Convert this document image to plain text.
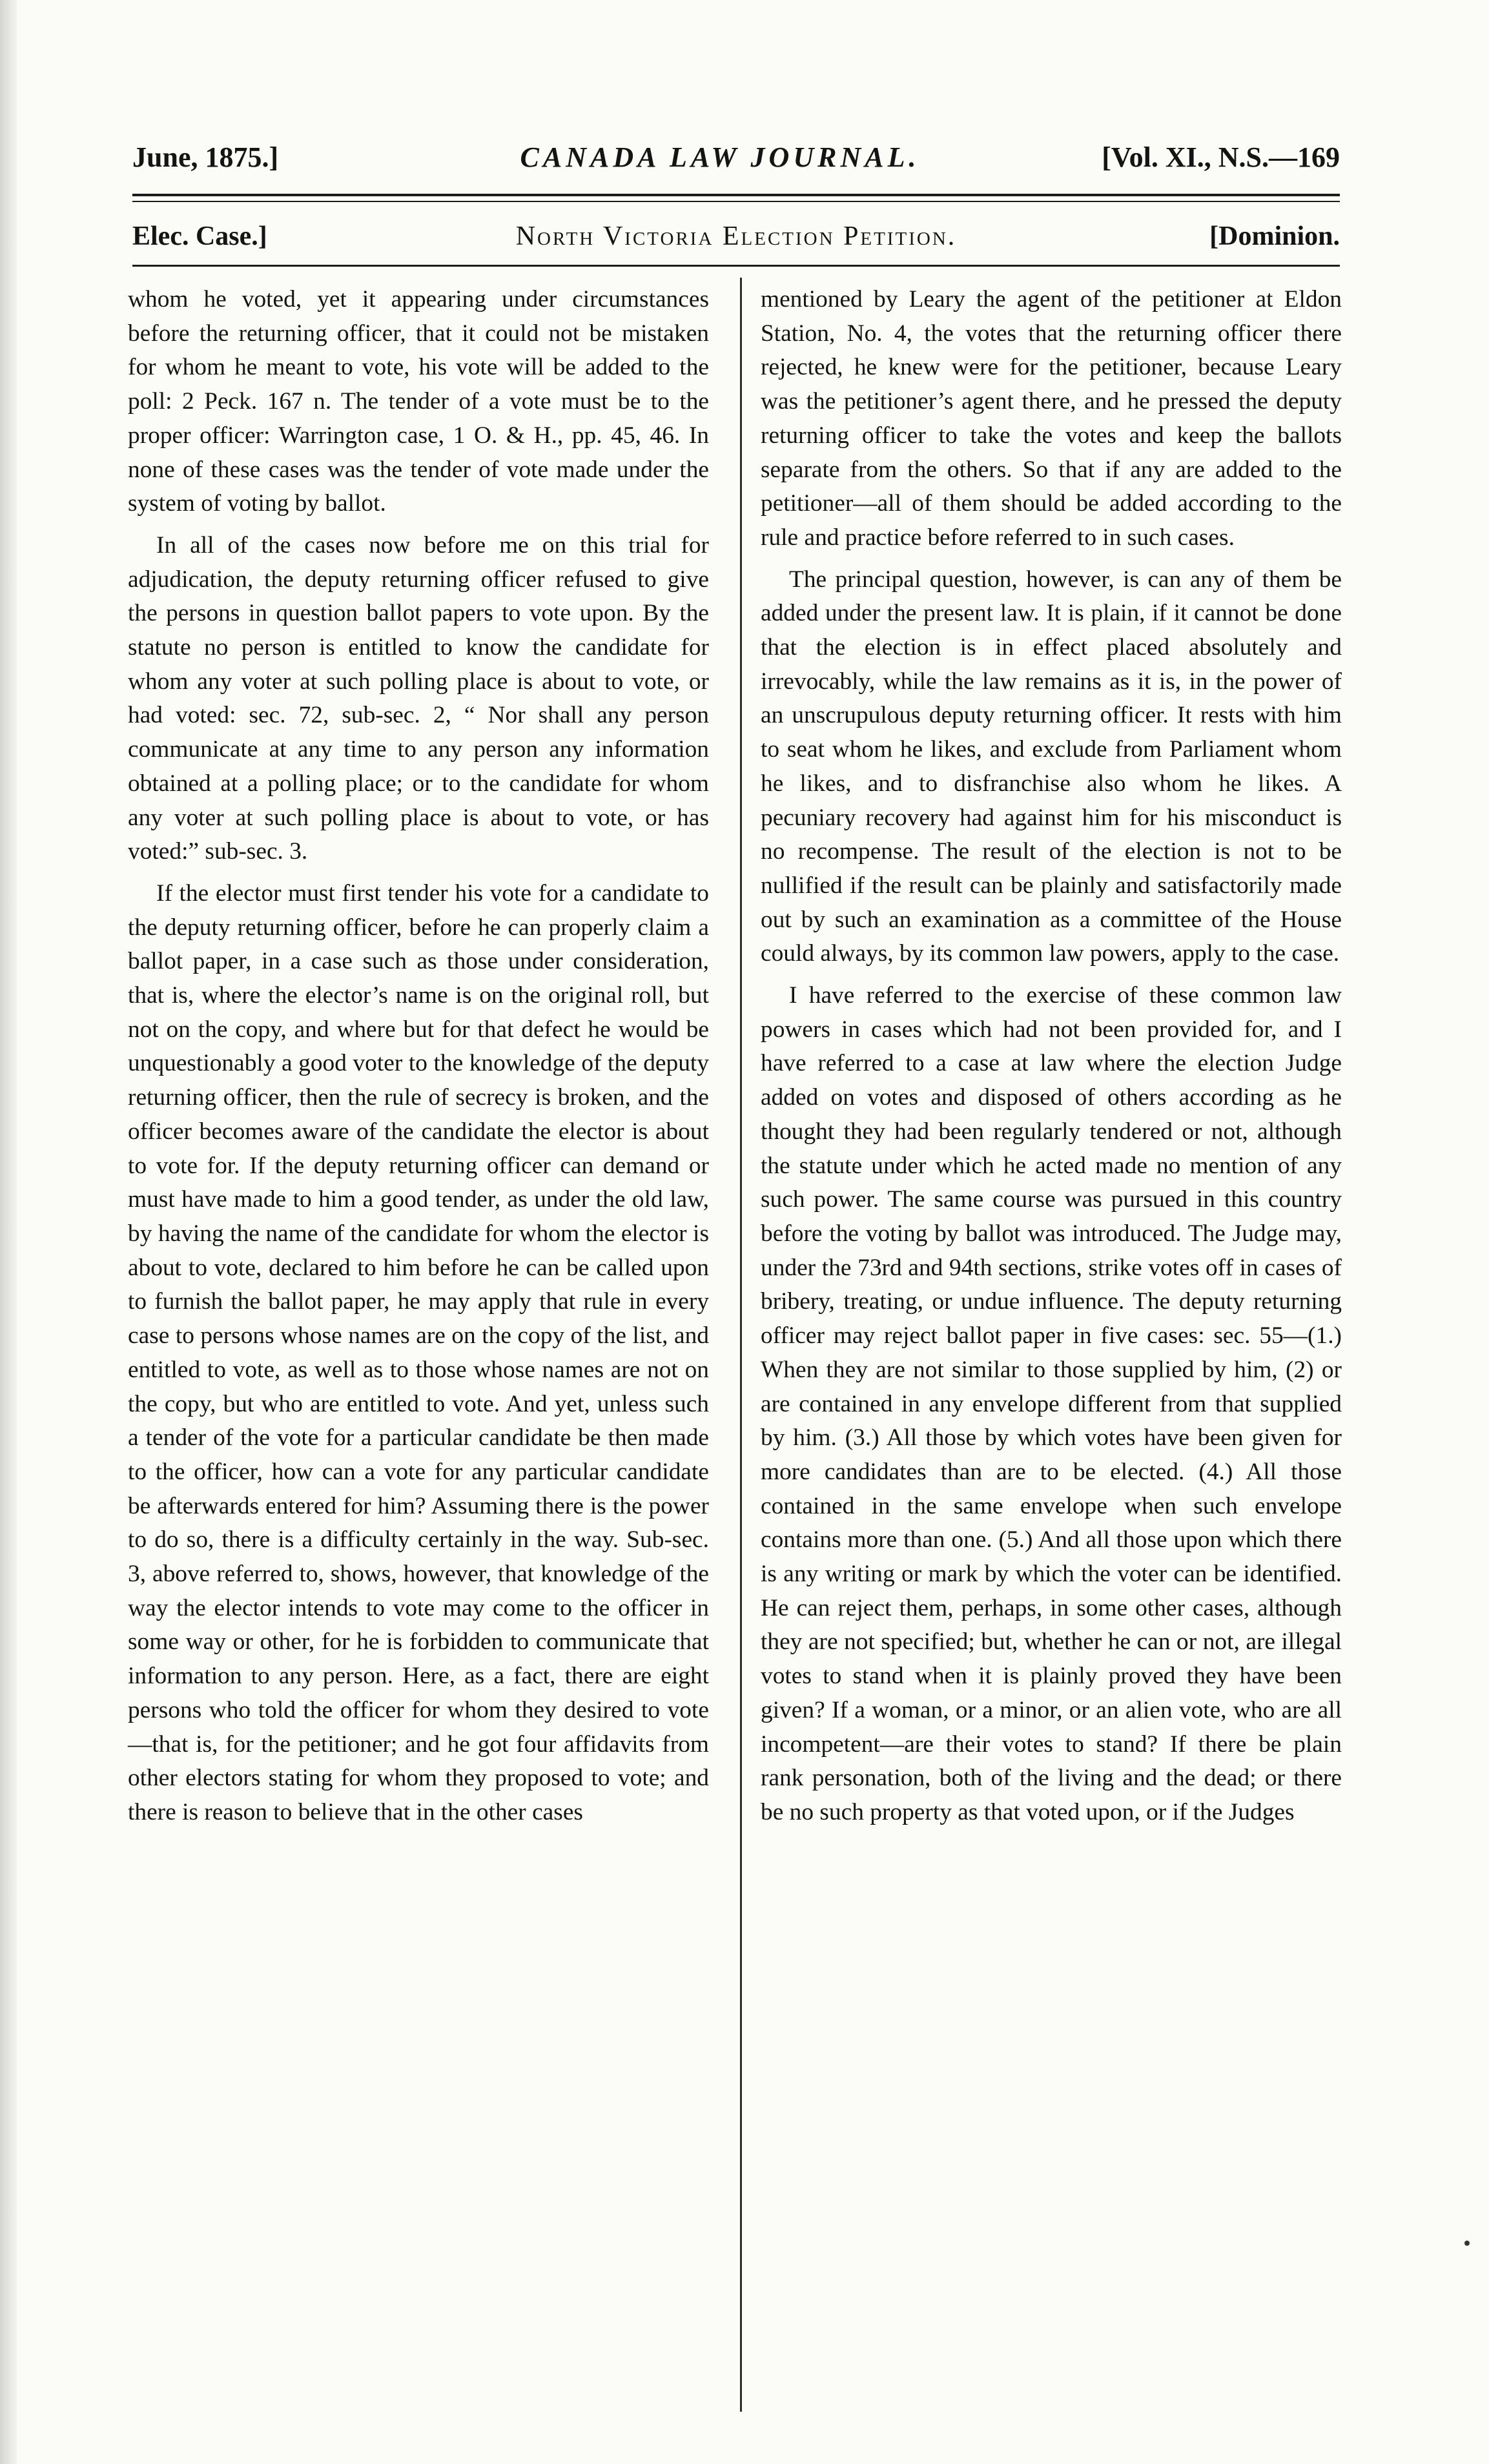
June, 1875.]	CANADA LAW JOURNAL.	[Vol. XI., N.S.—169
Elec. Case.]	North Victoria Election Petition.	[Dominion.

whom he voted, yet it appearing under circumstances before the returning officer, that it could not be mistaken for whom he meant to vote, his vote will be added to the poll: 2 Peck. 167 n. The tender of a vote must be to the proper officer: Warrington case, 1 O. & H., pp. 45, 46. In none of these cases was the tender of vote made under the system of voting by ballot.

In all of the cases now before me on this trial for adjudication, the deputy returning officer refused to give the persons in question ballot papers to vote upon. By the statute no person is entitled to know the candidate for whom any voter at such polling place is about to vote, or had voted: sec. 72, sub-sec. 2, “ Nor shall any person communicate at any time to any person any information obtained at a polling place; or to the candidate for whom any voter at such polling place is about to vote, or has voted:” sub-sec. 3.

If the elector must first tender his vote for a candidate to the deputy returning officer, before he can properly claim a ballot paper, in a case such as those under consideration, that is, where the elector’s name is on the original roll, but not on the copy, and where but for that defect he would be unquestionably a good voter to the knowledge of the deputy returning officer, then the rule of secrecy is broken, and the officer becomes aware of the candidate the elector is about to vote for. If the deputy returning officer can demand or must have made to him a good tender, as under the old law, by having the name of the candidate for whom the elector is about to vote, declared to him before he can be called upon to furnish the ballot paper, he may apply that rule in every case to persons whose names are on the copy of the list, and entitled to vote, as well as to those whose names are not on the copy, but who are entitled to vote. And yet, unless such a tender of the vote for a particular candidate be then made to the officer, how can a vote for any particular candidate be afterwards entered for him? Assuming there is the power to do so, there is a difficulty certainly in the way. Sub-sec. 3, above referred to, shows, however, that knowledge of the way the elector intends to vote may come to the officer in some way or other, for he is forbidden to communicate that information to any person. Here, as a fact, there are eight persons who told the officer for whom they desired to vote—that is, for the petitioner; and he got four affidavits from other electors stating for whom they proposed to vote; and there is reason to believe that in the other cases

mentioned by Leary the agent of the petitioner at Eldon Station, No. 4, the votes that the returning officer there rejected, he knew were for the petitioner, because Leary was the petitioner’s agent there, and he pressed the deputy returning officer to take the votes and keep the ballots separate from the others. So that if any are added to the petitioner—all of them should be added according to the rule and practice before referred to in such cases.

The principal question, however, is can any of them be added under the present law. It is plain, if it cannot be done that the election is in effect placed absolutely and irrevocably, while the law remains as it is, in the power of an unscrupulous deputy returning officer. It rests with him to seat whom he likes, and exclude from Parliament whom he likes, and to disfranchise also whom he likes. A pecuniary recovery had against him for his misconduct is no recompense. The result of the election is not to be nullified if the result can be plainly and satisfactorily made out by such an examination as a committee of the House could always, by its common law powers, apply to the case.

I have referred to the exercise of these common law powers in cases which had not been provided for, and I have referred to a case at law where the election Judge added on votes and disposed of others according as he thought they had been regularly tendered or not, although the statute under which he acted made no mention of any such power. The same course was pursued in this country before the voting by ballot was introduced. The Judge may, under the 73rd and 94th sections, strike votes off in cases of bribery, treating, or undue influence. The deputy returning officer may reject ballot paper in five cases: sec. 55—(1.) When they are not similar to those supplied by him, (2) or are contained in any envelope different from that supplied by him. (3.) All those by which votes have been given for more candidates than are to be elected. (4.) All those contained in the same envelope when such envelope contains more than one. (5.) And all those upon which there is any writing or mark by which the voter can be identified. He can reject them, perhaps, in some other cases, although they are not specified; but, whether he can or not, are illegal votes to stand when it is plainly proved they have been given? If a woman, or a minor, or an alien vote, who are all incompetent—are their votes to stand? If there be plain rank personation, both of the living and the dead; or there be no such property as that voted upon, or if the Judges
